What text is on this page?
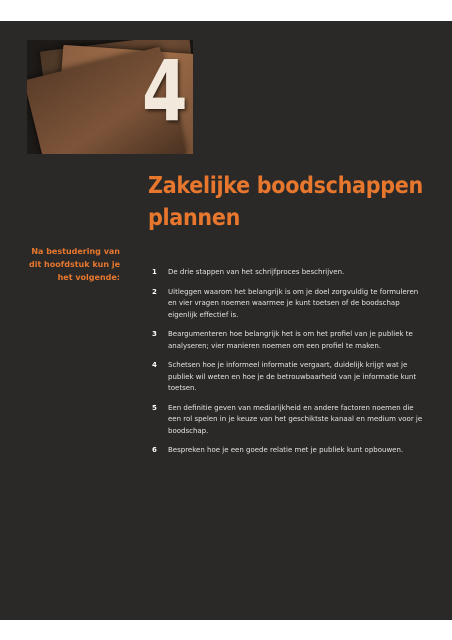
4
Zakelijke boodschappen plannen

Na bestudering van dit hoofdstuk kun je het volgende:

1 De drie stappen van het schrijfproces beschrijven.
2 Uitleggen waarom het belangrijk is om je doel zorgvuldig te formuleren en vier vragen noemen waarmee je kunt toetsen of de boodschap eigenlijk effectief is.
3 Beargumenteren hoe belangrijk het is om het profiel van je publiek te analyseren; vier manieren noemen om een profiel te maken.
4 Schetsen hoe je informeel informatie vergaart, duidelijk krijgt wat je publiek wil weten en hoe je de betrouwbaarheid van je informatie kunt toetsen.
5 Een definitie geven van mediarijkheid en andere factoren noemen die een rol spelen in je keuze van het geschiktste kanaal en medium voor je boodschap.
6 Bespreken hoe je een goede relatie met je publiek kunt opbouwen.
